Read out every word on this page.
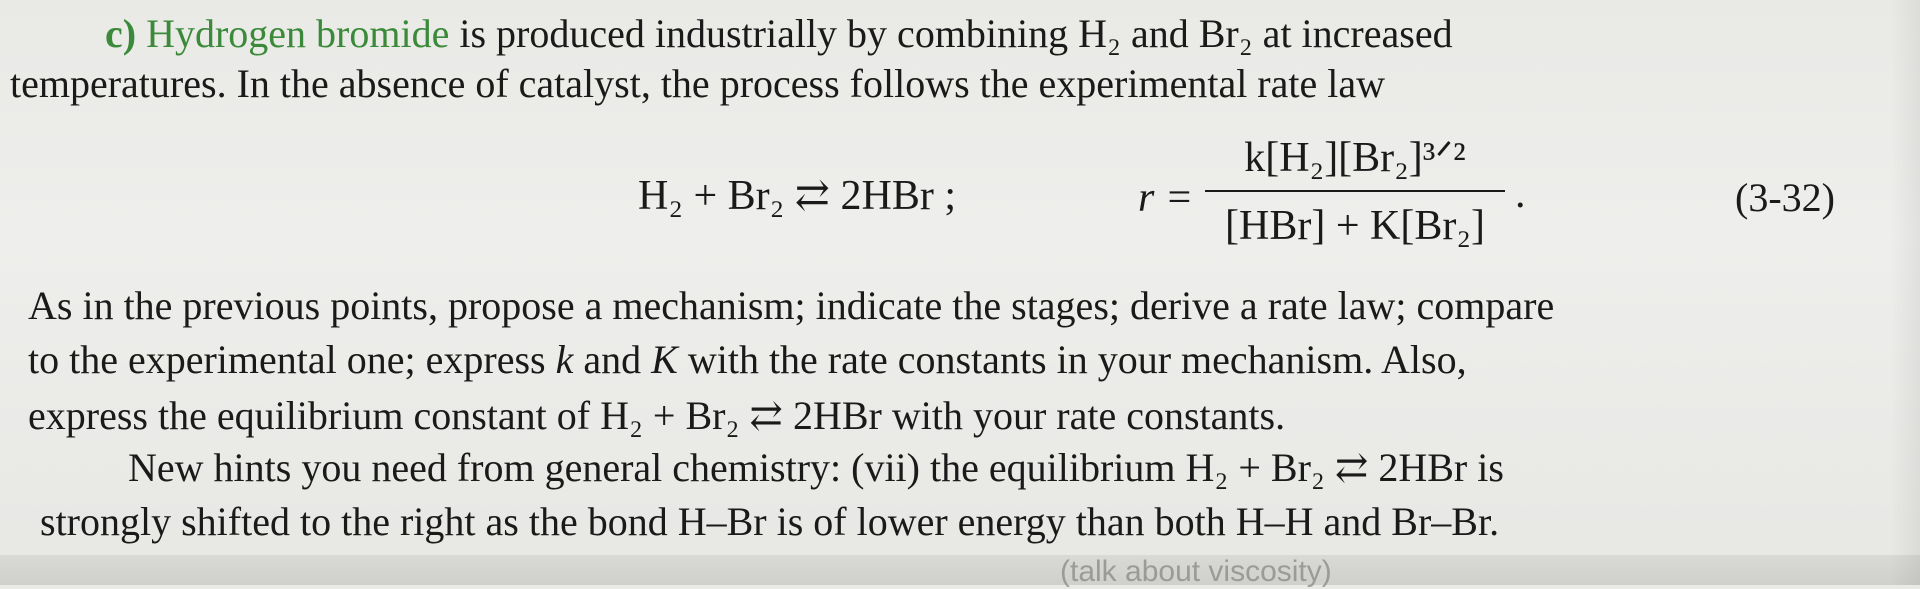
c) Hydrogen bromide is produced industrially by combining H₂ and Br₂ at increased
temperatures. In the absence of catalyst, the process follows the experimental rate law
H₂ + Br₂ ⇄ 2HBr ;	r =
k[H₂][Br₂]³ᐟ²
[HBr] + K[Br₂]
.	(3-32)
As in the previous points, propose a mechanism; indicate the stages; derive a rate law; compare
to the experimental one; express k and K with the rate constants in your mechanism. Also,
express the equilibrium constant of H₂ + Br₂ ⇄ 2HBr with your rate constants.
New hints you need from general chemistry: (vii) the equilibrium H₂ + Br₂ ⇄ 2HBr is
strongly shifted to the right as the bond H–Br is of lower energy than both H–H and Br–Br.
(talk about viscosity)
